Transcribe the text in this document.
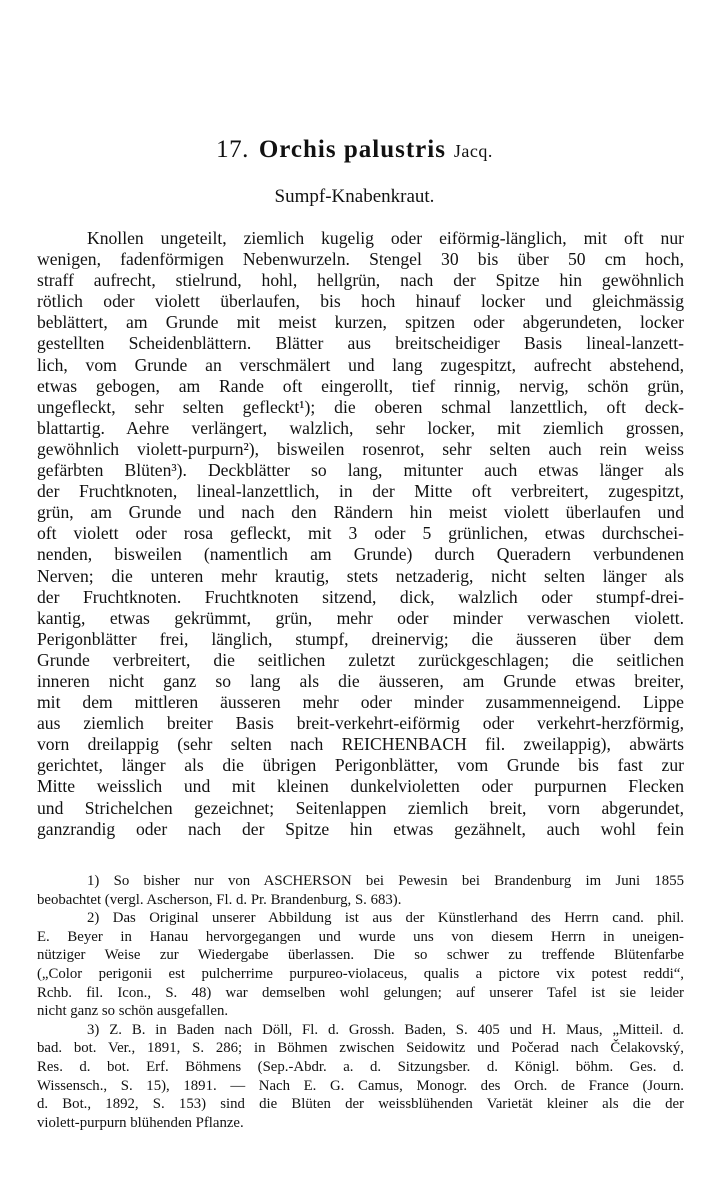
17. Orchis palustris Jacq.
Sumpf-Knabenkraut.
Knollen ungeteilt, ziemlich kugelig oder eiförmig-länglich, mit oft nur
wenigen, fadenförmigen Nebenwurzeln. Stengel 30 bis über 50 cm hoch,
straff aufrecht, stielrund, hohl, hellgrün, nach der Spitze hin gewöhnlich
rötlich oder violett überlaufen, bis hoch hinauf locker und gleichmässig
beblättert, am Grunde mit meist kurzen, spitzen oder abgerundeten, locker
gestellten Scheidenblättern. Blätter aus breitscheidiger Basis lineal-lanzett-
lich, vom Grunde an verschmälert und lang zugespitzt, aufrecht abstehend,
etwas gebogen, am Rande oft eingerollt, tief rinnig, nervig, schön grün,
ungefleckt, sehr selten gefleckt¹); die oberen schmal lanzettlich, oft deck-
blattartig. Aehre verlängert, walzlich, sehr locker, mit ziemlich grossen,
gewöhnlich violett-purpurn²), bisweilen rosenrot, sehr selten auch rein weiss
gefärbten Blüten³). Deckblätter so lang, mitunter auch etwas länger als
der Fruchtknoten, lineal-lanzettlich, in der Mitte oft verbreitert, zugespitzt,
grün, am Grunde und nach den Rändern hin meist violett überlaufen und
oft violett oder rosa gefleckt, mit 3 oder 5 grünlichen, etwas durchschei-
nenden, bisweilen (namentlich am Grunde) durch Queradern verbundenen
Nerven; die unteren mehr krautig, stets netzaderig, nicht selten länger als
der Fruchtknoten. Fruchtknoten sitzend, dick, walzlich oder stumpf-drei-
kantig, etwas gekrümmt, grün, mehr oder minder verwaschen violett.
Perigonblätter frei, länglich, stumpf, dreinervig; die äusseren über dem
Grunde verbreitert, die seitlichen zuletzt zurückgeschlagen; die seitlichen
inneren nicht ganz so lang als die äusseren, am Grunde etwas breiter,
mit dem mittleren äusseren mehr oder minder zusammenneigend. Lippe
aus ziemlich breiter Basis breit-verkehrt-eiförmig oder verkehrt-herzförmig,
vorn dreilappig (sehr selten nach REICHENBACH fil. zweilappig), abwärts
gerichtet, länger als die übrigen Perigonblätter, vom Grunde bis fast zur
Mitte weisslich und mit kleinen dunkelvioletten oder purpurnen Flecken
und Strichelchen gezeichnet; Seitenlappen ziemlich breit, vorn abgerundet,
ganzrandig oder nach der Spitze hin etwas gezähnelt, auch wohl fein
1) So bisher nur von ASCHERSON bei Pewesin bei Brandenburg im Juni 1855
beobachtet (vergl. Ascherson, Fl. d. Pr. Brandenburg, S. 683).
2) Das Original unserer Abbildung ist aus der Künstlerhand des Herrn cand. phil.
E. Beyer in Hanau hervorgegangen und wurde uns von diesem Herrn in uneigen-
nütziger Weise zur Wiedergabe überlassen. Die so schwer zu treffende Blütenfarbe
(„Color perigonii est pulcherrime purpureo-violaceus, qualis a pictore vix potest reddi“,
Rchb. fil. Icon., S. 48) war demselben wohl gelungen; auf unserer Tafel ist sie leider
nicht ganz so schön ausgefallen.
3) Z. B. in Baden nach Döll, Fl. d. Grossh. Baden, S. 405 und H. Maus, „Mitteil. d.
bad. bot. Ver., 1891, S. 286; in Böhmen zwischen Seidowitz und Počerad nach Čelakovský,
Res. d. bot. Erf. Böhmens (Sep.-Abdr. a. d. Sitzungsber. d. Königl. böhm. Ges. d.
Wissensch., S. 15), 1891. — Nach E. G. Camus, Monogr. des Orch. de France (Journ.
d. Bot., 1892, S. 153) sind die Blüten der weissblühenden Varietät kleiner als die der
violett-purpurn blühenden Pflanze.
